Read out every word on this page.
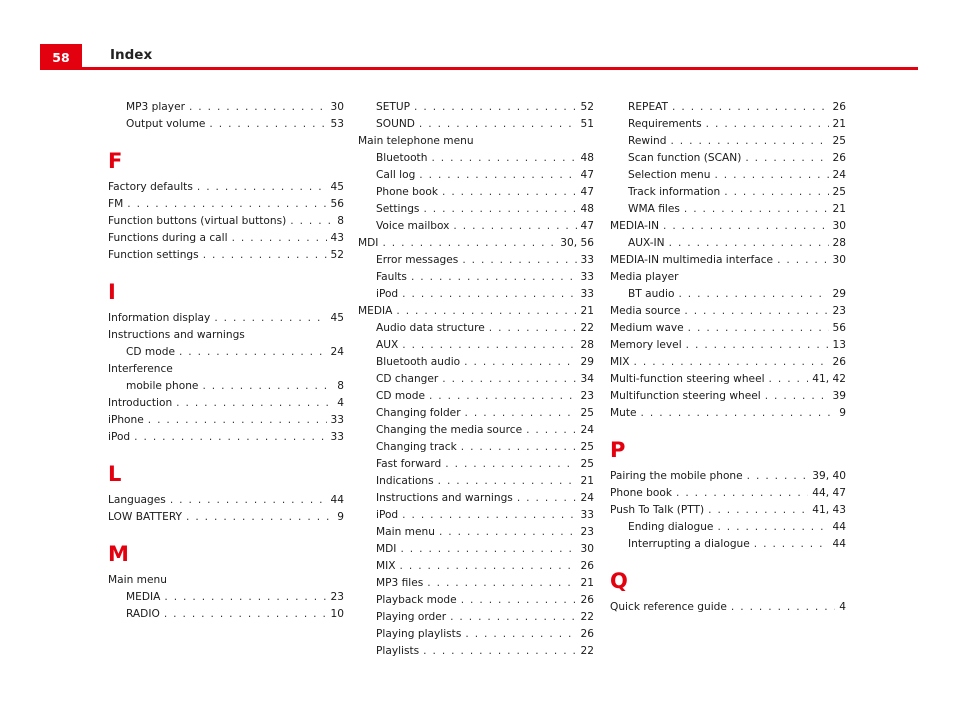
58	Index
MP3 player . . .	30
Output volume . . .	53
F
Factory defaults . . .	45
FM . . .	56
Function buttons (virtual buttons) . . .	8
Functions during a call . . .	43
Function settings . . .	52
I
Information display . . .	45
Instructions and warnings
CD mode . . .	24
Interference
mobile phone . . .	8
Introduction . . .	4
iPhone . . .	33
iPod . . .	33
L
Languages . . .	44
LOW BATTERY . . .	9
M
Main menu
MEDIA . . .	23
RADIO . . .	10
SETUP . . .	52
SOUND . . .	51
Main telephone menu
Bluetooth . . .	48
Call log . . .	47
Phone book . . .	47
Settings . . .	48
Voice mailbox . . .	47
MDI . . .	30, 56
Error messages . . .	33
Faults . . .	33
iPod . . .	33
MEDIA . . .	21
Audio data structure . . .	22
AUX . . .	28
Bluetooth audio . . .	29
CD changer . . .	34
CD mode . . .	23
Changing folder . . .	25
Changing the media source . . .	24
Changing track . . .	25
Fast forward . . .	25
Indications . . .	21
Instructions and warnings . . .	24
iPod . . .	33
Main menu . . .	23
MDI . . .	30
MIX . . .	26
MP3 files . . .	21
Playback mode . . .	26
Playing order . . .	22
Playing playlists . . .	26
Playlists . . .	22
REPEAT . . .	26
Requirements . . .	21
Rewind . . .	25
Scan function (SCAN) . . .	26
Selection menu . . .	24
Track information . . .	25
WMA files . . .	21
MEDIA-IN . . .	30
AUX-IN . . .	28
MEDIA-IN multimedia interface . . .	30
Media player
BT audio . . .	29
Media source . . .	23
Medium wave . . .	56
Memory level . . .	13
MIX . . .	26
Multi-function steering wheel . . .	41, 42
Multifunction steering wheel . . .	39
Mute . . .	9
P
Pairing the mobile phone . . .	39, 40
Phone book . . .	44, 47
Push To Talk (PTT) . . .	41, 43
Ending dialogue . . .	44
Interrupting a dialogue . . .	44
Q
Quick reference guide . . .	4
